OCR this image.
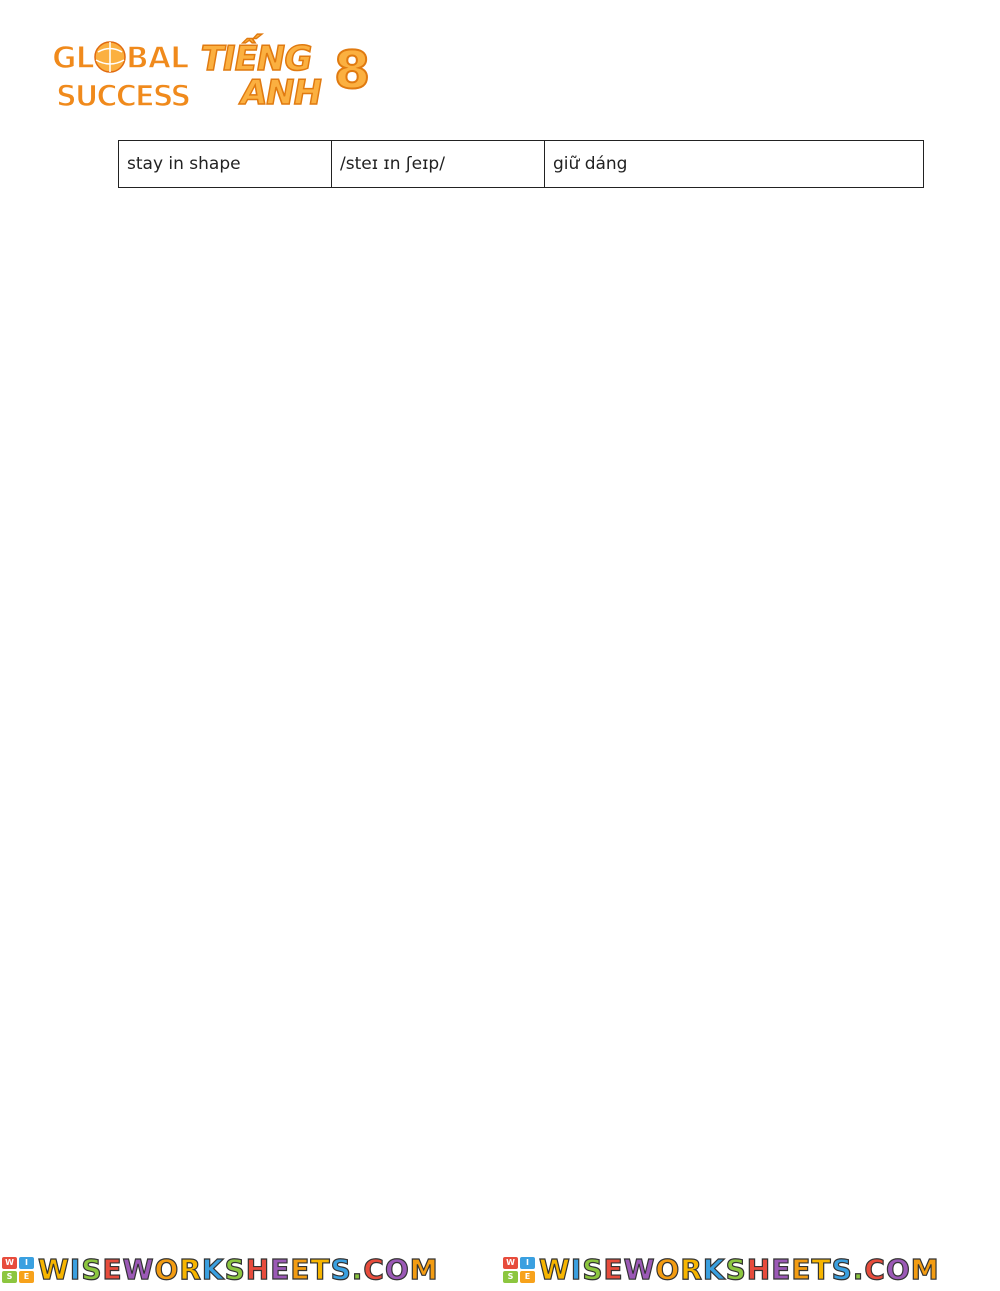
GL BAL
SUCCESS
TIẾNG
ANH 8
stay in shape	/steɪ ɪn ʃeɪp/	giữ dáng
W	I
S	E WISEWORKSHEETS.COM	W	I
S	E WISEWORKSHEETS.COM
